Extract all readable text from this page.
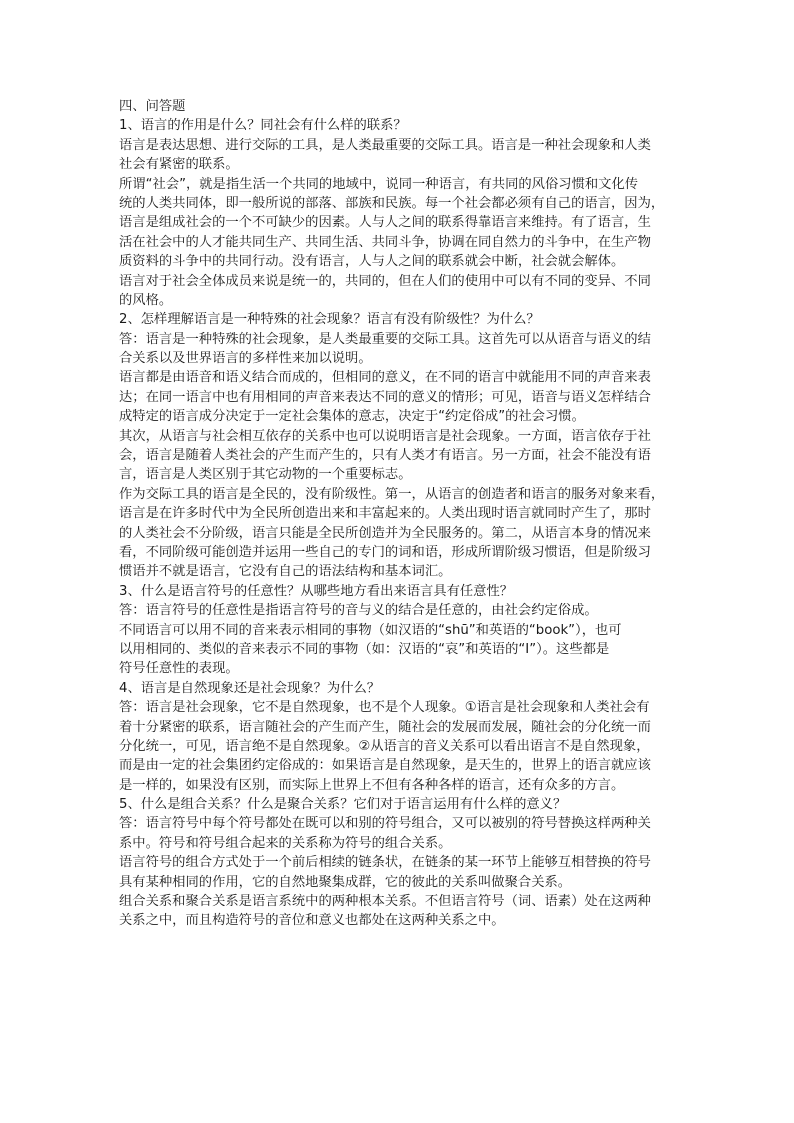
四、问答题
1、语言的作用是什么？同社会有什么样的联系？
语言是表达思想、进行交际的工具，是人类最重要的交际工具。语言是一种社会现象和人类
社会有紧密的联系。
所谓“社会”，就是指生活一个共同的地域中，说同一种语言，有共同的风俗习惯和文化传
统的人类共同体，即一般所说的部落、部族和民族。每一个社会都必须有自己的语言，因为，
语言是组成社会的一个不可缺少的因素。人与人之间的联系得靠语言来维持。有了语言，生
活在社会中的人才能共同生产、共同生活、共同斗争，协调在同自然力的斗争中，在生产物
质资料的斗争中的共同行动。没有语言，人与人之间的联系就会中断，社会就会解体。
语言对于社会全体成员来说是统一的，共同的，但在人们的使用中可以有不同的变异、不同
的风格。
2、怎样理解语言是一种特殊的社会现象？语言有没有阶级性？为什么？
答：语言是一种特殊的社会现象，是人类最重要的交际工具。这首先可以从语音与语义的结
合关系以及世界语言的多样性来加以说明。
语言都是由语音和语义结合而成的，但相同的意义，在不同的语言中就能用不同的声音来表
达；在同一语言中也有用相同的声音来表达不同的意义的情形；可见，语音与语义怎样结合
成特定的语言成分决定于一定社会集体的意志，决定于“约定俗成”的社会习惯。
其次，从语言与社会相互依存的关系中也可以说明语言是社会现象。一方面，语言依存于社
会，语言是随着人类社会的产生而产生的，只有人类才有语言。另一方面，社会不能没有语
言，语言是人类区别于其它动物的一个重要标志。
作为交际工具的语言是全民的，没有阶级性。第一，从语言的创造者和语言的服务对象来看，
语言是在许多时代中为全民所创造出来和丰富起来的。人类出现时语言就同时产生了，那时
的人类社会不分阶级，语言只能是全民所创造并为全民服务的。第二，从语言本身的情况来
看，不同阶级可能创造并运用一些自己的专门的词和语，形成所谓阶级习惯语，但是阶级习
惯语并不就是语言，它没有自己的语法结构和基本词汇。
3、什么是语言符号的任意性？从哪些地方看出来语言具有任意性？
答：语言符号的任意性是指语言符号的音与义的结合是任意的，由社会约定俗成。
不同语言可以用不同的音来表示相同的事物（如汉语的“shū”和英语的“book”），也可
以用相同的、类似的音来表示不同的事物（如：汉语的“哀”和英语的“I”）。这些都是
符号任意性的表现。
4、语言是自然现象还是社会现象？为什么？
答：语言是社会现象，它不是自然现象，也不是个人现象。①语言是社会现象和人类社会有
着十分紧密的联系，语言随社会的产生而产生，随社会的发展而发展，随社会的分化统一而
分化统一，可见，语言绝不是自然现象。②从语言的音义关系可以看出语言不是自然现象，
而是由一定的社会集团约定俗成的：如果语言是自然现象，是天生的，世界上的语言就应该
是一样的，如果没有区别，而实际上世界上不但有各种各样的语言，还有众多的方言。
5、什么是组合关系？什么是聚合关系？它们对于语言运用有什么样的意义？
答：语言符号中每个符号都处在既可以和别的符号组合，又可以被别的符号替换这样两种关
系中。符号和符号组合起来的关系称为符号的组合关系。
语言符号的组合方式处于一个前后相续的链条状，在链条的某一环节上能够互相替换的符号
具有某种相同的作用，它的自然地聚集成群，它的彼此的关系叫做聚合关系。
组合关系和聚合关系是语言系统中的两种根本关系。不但语言符号（词、语素）处在这两种
关系之中，而且构造符号的音位和意义也都处在这两种关系之中。
